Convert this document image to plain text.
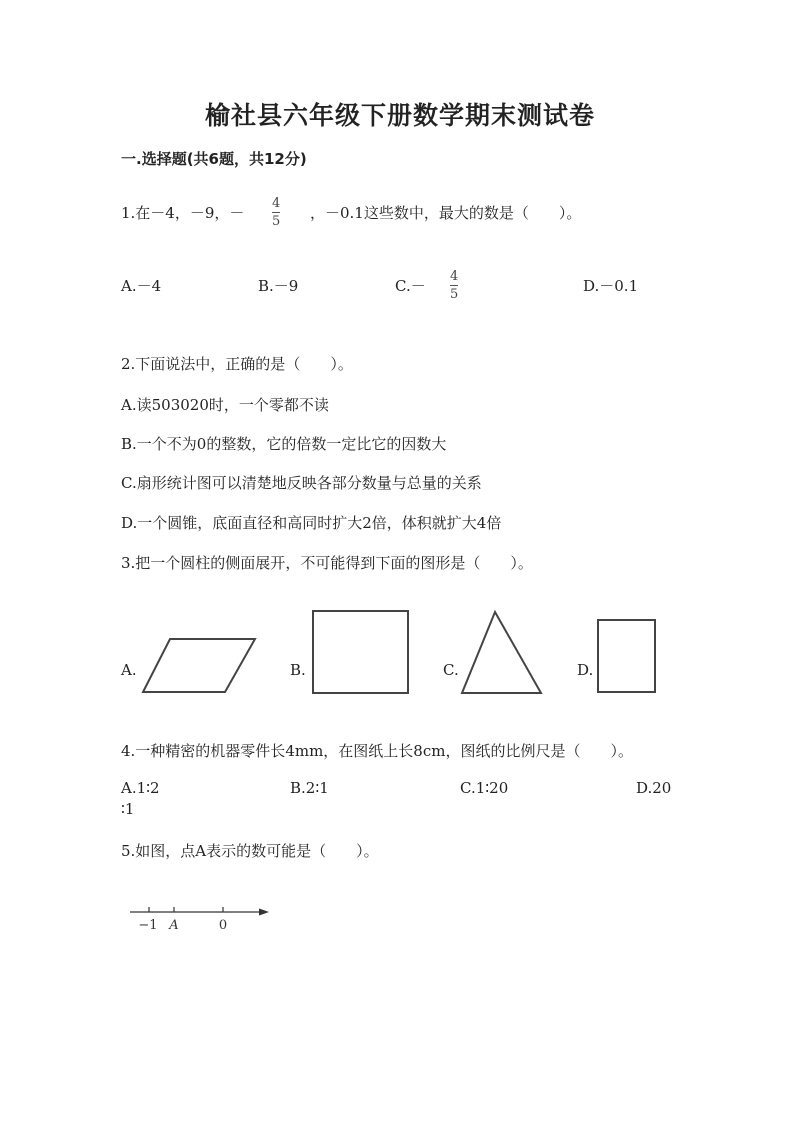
榆社县六年级下册数学期末测试卷
一.选择题(共6题，共12分)
1.在－4，－9，－
4
5 ，－0.1这些数中，最大的数是（　　）。
A.－4	B.－9	C.－
4
5	D.－0.1
2.下面说法中，正确的是（　　）。
A.读503020时，一个零都不读
B.一个不为0的整数，它的倍数一定比它的因数大
C.扇形统计图可以清楚地反映各部分数量与总量的关系
D.一个圆锥，底面直径和高同时扩大2倍，体积就扩大4倍
3.把一个圆柱的侧面展开，不可能得到下面的图形是（　　）。
A.	B.	C.	D.
4.一种精密的机器零件长4mm，在图纸上长8cm，图纸的比例尺是（　　）。
A.1∶2	B.2∶1	C.1∶20	D.20
∶1
5.如图，点A表示的数可能是（　　）。
−1 A	0
